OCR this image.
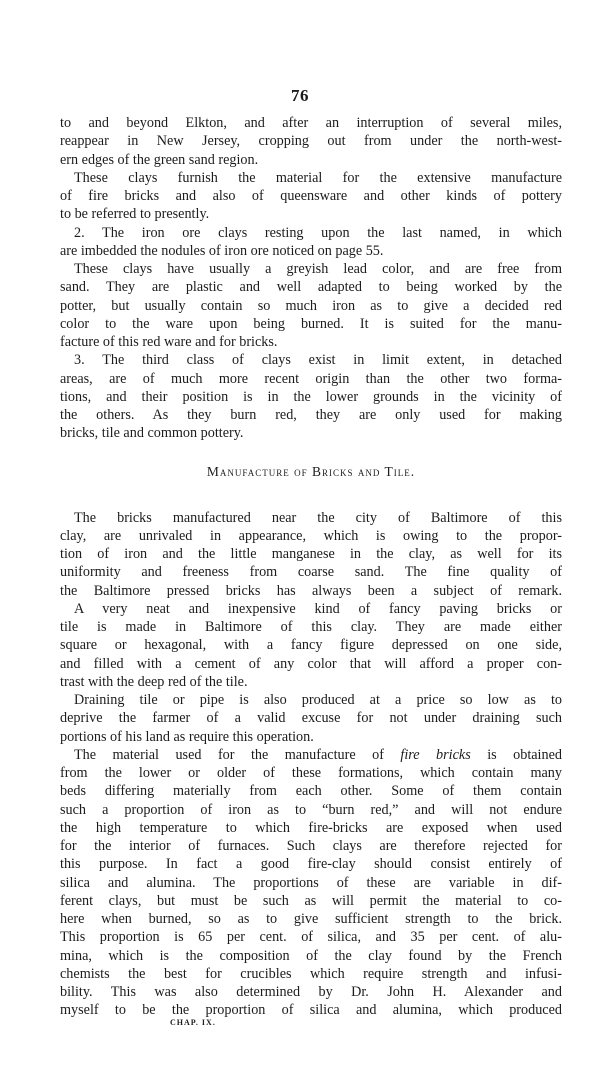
76
to and beyond Elkton, and after an interruption of several miles,
reappear in New Jersey, cropping out from under the north-west-
ern edges of the green sand region.
These clays furnish the material for the extensive manufacture
of fire bricks and also of queensware and other kinds of pottery
to be referred to presently.
2. The iron ore clays resting upon the last named, in which
are imbedded the nodules of iron ore noticed on page 55.
These clays have usually a greyish lead color, and are free from
sand. They are plastic and well adapted to being worked by the
potter, but usually contain so much iron as to give a decided red
color to the ware upon being burned. It is suited for the manu-
facture of this red ware and for bricks.
3. The third class of clays exist in limit extent, in detached
areas, are of much more recent origin than the other two forma-
tions, and their position is in the lower grounds in the vicinity of
the others. As they burn red, they are only used for making
bricks, tile and common pottery.
Manufacture of Bricks and Tile.
The bricks manufactured near the city of Baltimore of this
clay, are unrivaled in appearance, which is owing to the propor-
tion of iron and the little manganese in the clay, as well for its
uniformity and freeness from coarse sand. The fine quality of
the Baltimore pressed bricks has always been a subject of remark.
A very neat and inexpensive kind of fancy paving bricks or
tile is made in Baltimore of this clay. They are made either
square or hexagonal, with a fancy figure depressed on one side,
and filled with a cement of any color that will afford a proper con-
trast with the deep red of the tile.
Draining tile or pipe is also produced at a price so low as to
deprive the farmer of a valid excuse for not under draining such
portions of his land as require this operation.
The material used for the manufacture of fire bricks is obtained
from the lower or older of these formations, which contain many
beds differing materially from each other. Some of them contain
such a proportion of iron as to “burn red,” and will not endure
the high temperature to which fire-bricks are exposed when used
for the interior of furnaces. Such clays are therefore rejected for
this purpose. In fact a good fire-clay should consist entirely of
silica and alumina. The proportions of these are variable in dif-
ferent clays, but must be such as will permit the material to co-
here when burned, so as to give sufficient strength to the brick.
This proportion is 65 per cent. of silica, and 35 per cent. of alu-
mina, which is the composition of the clay found by the French
chemists the best for crucibles which require strength and infusi-
bility. This was also determined by Dr. John H. Alexander and
myself to be the proportion of silica and alumina, which produced
CHAP. IX.
